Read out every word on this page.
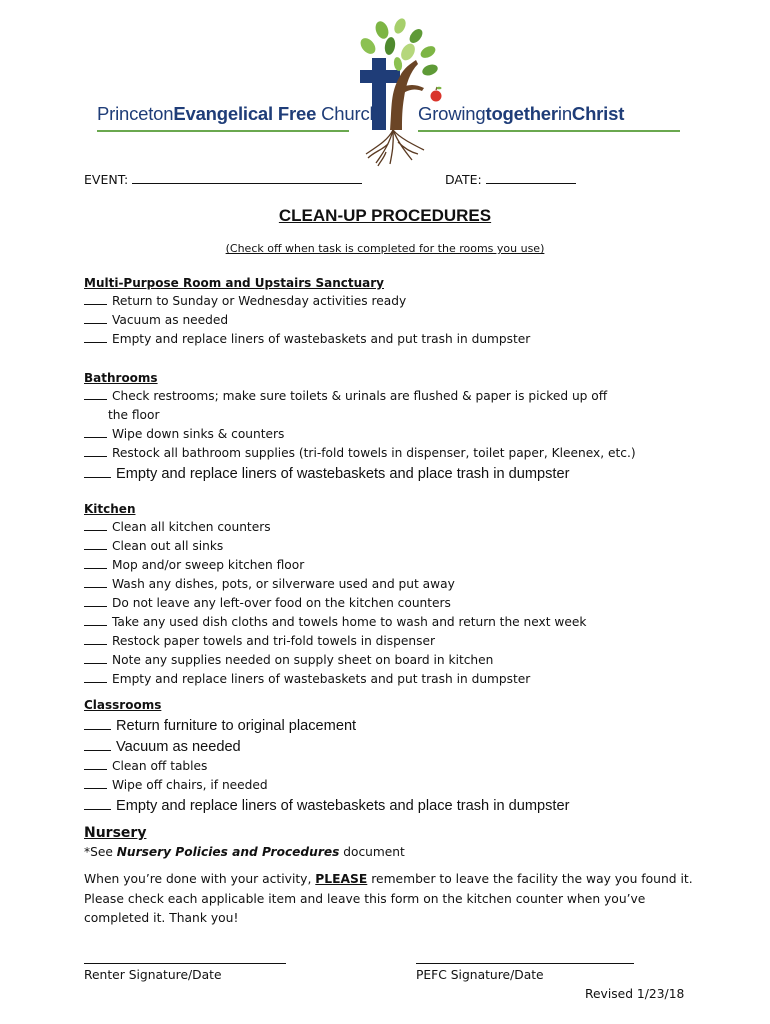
PrincetonEvangelical Free Church GrowingtogetherinChrist
EVENT:	DATE:
CLEAN-UP PROCEDURES
(Check off when task is completed for the rooms you use)
Multi-Purpose Room and Upstairs Sanctuary
Return to Sunday or Wednesday activities ready
Vacuum as needed
Empty and replace liners of wastebaskets and put trash in dumpster
Bathrooms
Check restrooms; make sure toilets & urinals are flushed & paper is picked up off
the floor
Wipe down sinks & counters
Restock all bathroom supplies (tri-fold towels in dispenser, toilet paper, Kleenex, etc.)
Empty and replace liners of wastebaskets and place trash in dumpster
Kitchen
Clean all kitchen counters
Clean out all sinks
Mop and/or sweep kitchen floor
Wash any dishes, pots, or silverware used and put away
Do not leave any left-over food on the kitchen counters
Take any used dish cloths and towels home to wash and return the next week
Restock paper towels and tri-fold towels in dispenser
Note any supplies needed on supply sheet on board in kitchen
Empty and replace liners of wastebaskets and put trash in dumpster
Classrooms
Return furniture to original placement
Vacuum as needed
Clean off tables
Wipe off chairs, if needed
Empty and replace liners of wastebaskets and place trash in dumpster
Nursery
*See Nursery Policies and Procedures document
When you’re done with your activity, PLEASE remember to leave the facility the way you found it. Please check each applicable item and leave this form on the kitchen counter when you’ve completed it. Thank you!
Renter Signature/Date	PEFC Signature/Date
Revised 1/23/18
